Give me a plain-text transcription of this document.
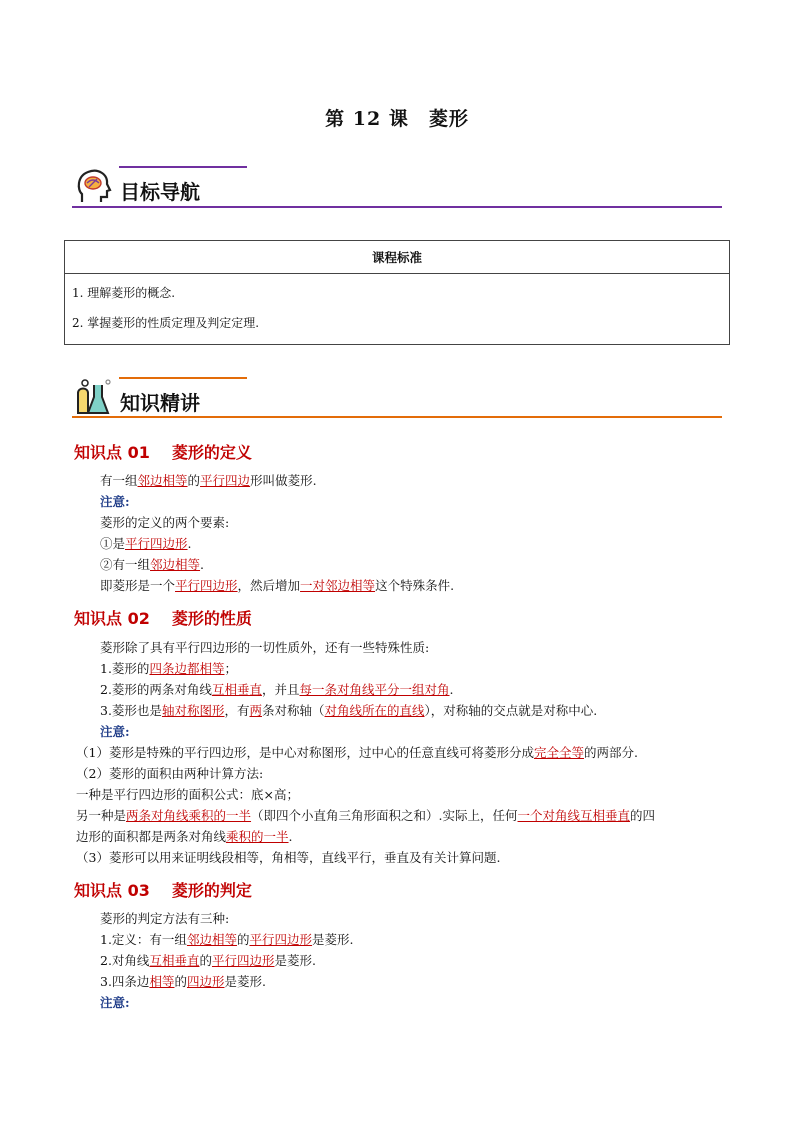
第 12 课　菱形
目标导航
课程标准

1. 理解菱形的概念.
2. 掌握菱形的性质定理及判定定理.
知识精讲
知识点 01 菱形的定义
有一组邻边相等的平行四边形叫做菱形.
注意:
菱形的定义的两个要素:
①是平行四边形.
②有一组邻边相等.
即菱形是一个平行四边形，然后增加一对邻边相等这个特殊条件.
知识点 02 菱形的性质
菱形除了具有平行四边形的一切性质外，还有一些特殊性质:
1.菱形的四条边都相等；
2.菱形的两条对角线互相垂直，并且每一条对角线平分一组对角.
3.菱形也是轴对称图形，有两条对称轴（对角线所在的直线），对称轴的交点就是对称中心.
注意:
（1）菱形是特殊的平行四边形，是中心对称图形，过中心的任意直线可将菱形分成完全全等的两部分.
（2）菱形的面积由两种计算方法:
一种是平行四边形的面积公式：底×高；
另一种是两条对角线乘积的一半（即四个小直角三角形面积之和）.实际上，任何一个对角线互相垂直的四
边形的面积都是两条对角线乘积的一半.
（3）菱形可以用来证明线段相等，角相等，直线平行，垂直及有关计算问题.
知识点 03 菱形的判定
菱形的判定方法有三种:
1.定义：有一组邻边相等的平行四边形是菱形.
2.对角线互相垂直的平行四边形是菱形.
3.四条边相等的四边形是菱形.
注意:
